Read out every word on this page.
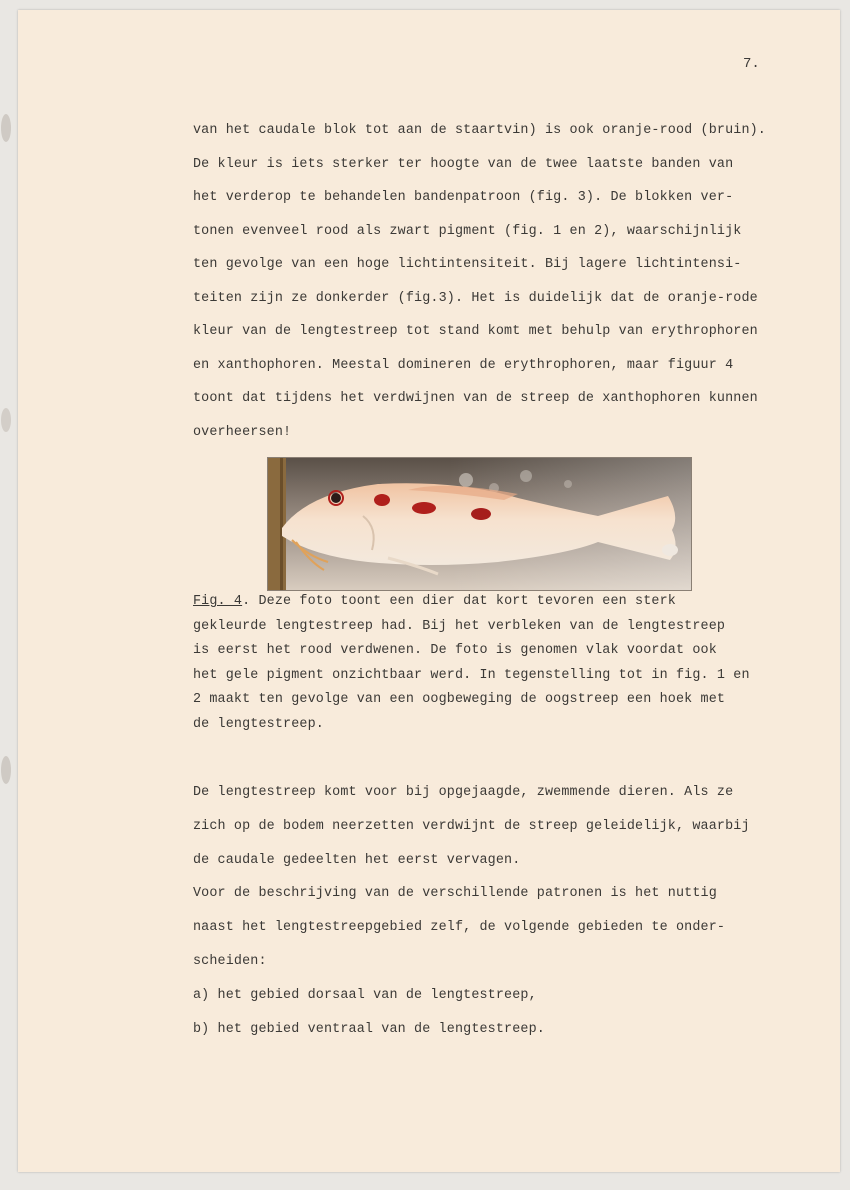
7.
van het caudale blok tot aan de staartvin) is ook oranje-rood (bruin).
De kleur is iets sterker ter hoogte van de twee laatste banden van
het verderop te behandelen bandenpatroon (fig. 3). De blokken ver-
tonen evenveel rood als zwart pigment (fig. 1 en 2), waarschijnlijk
ten gevolge van een hoge lichtintensiteit. Bij lagere lichtintensi-
teiten zijn ze donkerder (fig.3). Het is duidelijk dat de oranje-rode
kleur van de lengtestreep tot stand komt met behulp van erythrophoren
en xanthophoren. Meestal domineren de erythrophoren, maar figuur 4
toont dat tijdens het verdwijnen van de streep de xanthophoren kunnen
overheersen!
Fig. 4. Deze foto toont een dier dat kort tevoren een sterk
gekleurde lengtestreep had. Bij het verbleken van de lengtestreep
is eerst het rood verdwenen. De foto is genomen vlak voordat ook
het gele pigment onzichtbaar werd. In tegenstelling tot in fig. 1 en
2 maakt ten gevolge van een oogbeweging de oogstreep een hoek met
de lengtestreep.
De lengtestreep komt voor bij opgejaagde, zwemmende dieren. Als ze
zich op de bodem neerzetten verdwijnt de streep geleidelijk, waarbij
de caudale gedeelten het eerst vervagen.
Voor de beschrijving van de verschillende patronen is het nuttig
naast het lengtestreepgebied zelf, de volgende gebieden te onder-
scheiden:
a) het gebied dorsaal van de lengtestreep,
b) het gebied ventraal van de lengtestreep.
